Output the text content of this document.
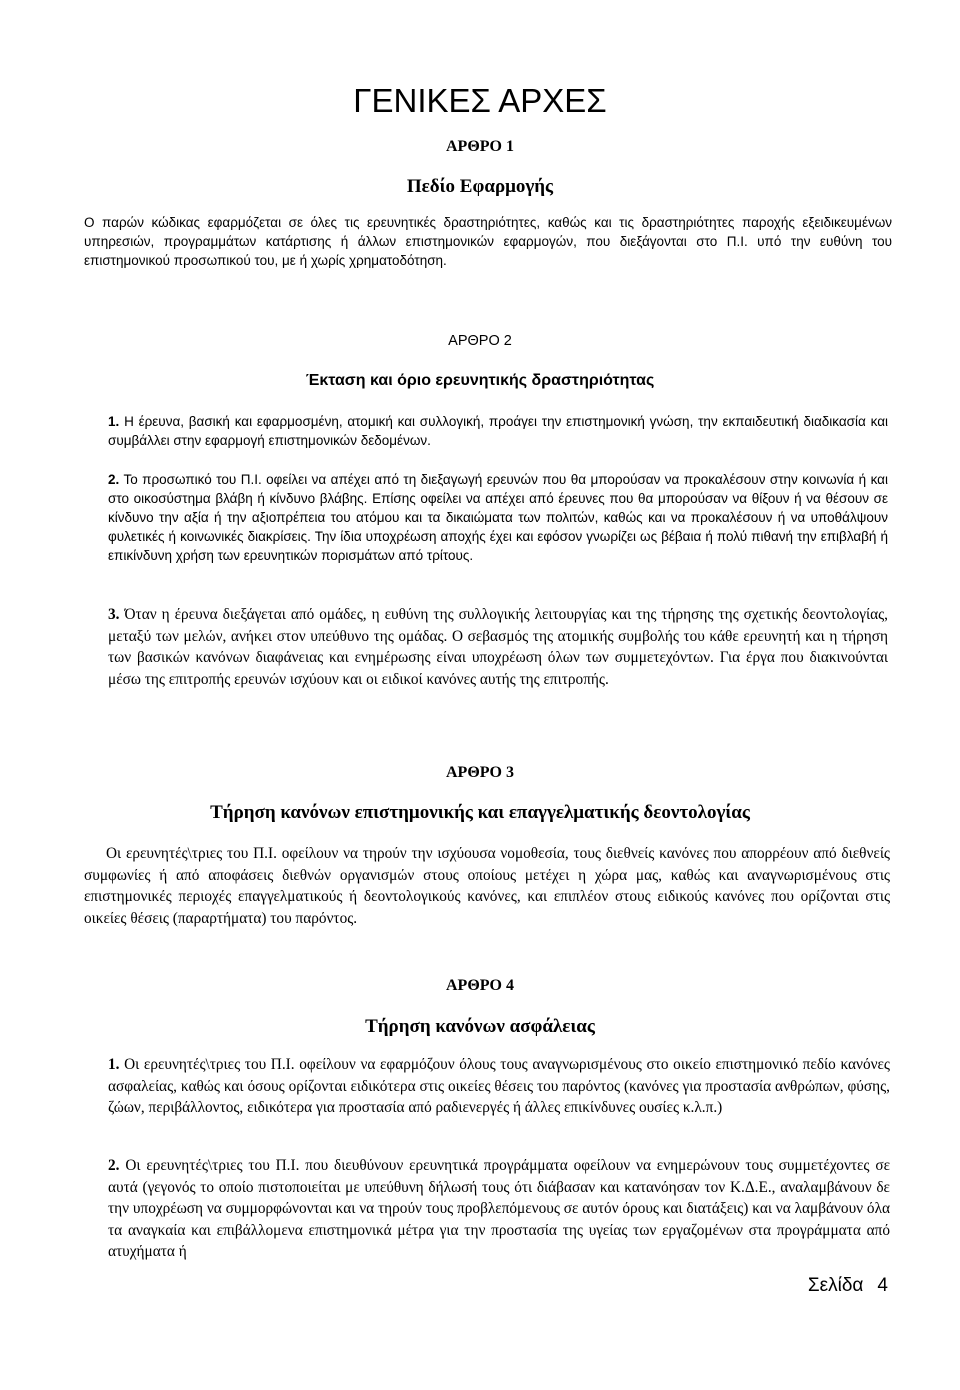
ΓΕΝΙΚΕΣ ΑΡΧΕΣ
ΑΡΘΡΟ 1
Πεδίο Εφαρμογής

Ο παρών κώδικας εφαρμόζεται σε όλες τις ερευνητικές δραστηριότητες, καθώς και τις δραστηριότητες παροχής εξειδικευμένων υπηρεσιών, προγραμμάτων κατάρτισης ή άλλων επιστημονικών εφαρμογών, που διεξάγονται στο Π.Ι. υπό την ευθύνη του επιστημονικού προσωπικού του, με ή χωρίς χρηματοδότηση.

ΑΡΘΡΟ 2
Έκταση και όριο ερευνητικής δραστηριότητας

1. Η έρευνα, βασική και εφαρμοσμένη, ατομική και συλλογική, προάγει την επιστημονική γνώση, την εκπαιδευτική διαδικασία και συμβάλλει στην εφαρμογή επιστημονικών δεδομένων.

2. Το προσωπικό του Π.Ι. οφείλει να απέχει από τη διεξαγωγή ερευνών που θα μπορούσαν να προκαλέσουν στην κοινωνία ή και στο οικοσύστημα βλάβη ή κίνδυνο βλάβης. Επίσης οφείλει να απέχει από έρευνες που θα μπορούσαν να θίξουν ή να θέσουν σε κίνδυνο την αξία ή την αξιοπρέπεια του ατόμου και τα δικαιώματα των πολιτών, καθώς και να προκαλέσουν ή να υποθάλψουν φυλετικές ή κοινωνικές διακρίσεις. Την ίδια υποχρέωση αποχής έχει και εφόσον γνωρίζει ως βέβαια ή πολύ πιθανή την επιβλαβή ή επικίνδυνη χρήση των ερευνητικών πορισμάτων από τρίτους.

3. Όταν η έρευνα διεξάγεται από ομάδες, η ευθύνη της συλλογικής λειτουργίας και της τήρησης της σχετικής δεοντολογίας, μεταξύ των μελών, ανήκει στον υπεύθυνο της ομάδας. Ο σεβασμός της ατομικής συμβολής του κάθε ερευνητή και η τήρηση των βασικών κανόνων διαφάνειας και ενημέρωσης είναι υποχρέωση όλων των συμμετεχόντων. Για έργα που διακινούνται μέσω της επιτροπής ερευνών ισχύουν και οι ειδικοί κανόνες αυτής της επιτροπής.

ΑΡΘΡΟ 3
Τήρηση κανόνων επιστημονικής και επαγγελματικής δεοντολογίας

Οι ερευνητές\τριες του Π.Ι. οφείλουν να τηρούν την ισχύουσα νομοθεσία, τους διεθνείς κανόνες που απορρέουν από διεθνείς συμφωνίες ή από αποφάσεις διεθνών οργανισμών στους οποίους μετέχει η χώρα μας, καθώς και αναγνωρισμένους στις επιστημονικές περιοχές επαγγελματικούς ή δεοντολογικούς κανόνες, και επιπλέον στους ειδικούς κανόνες που ορίζονται στις οικείες θέσεις (παραρτήματα) του παρόντος.

ΑΡΘΡΟ 4
Τήρηση κανόνων ασφάλειας

1. Οι ερευνητές\τριες του Π.Ι. οφείλουν να εφαρμόζουν όλους τους αναγνωρισμένους στο οικείο επιστημονικό πεδίο κανόνες ασφαλείας, καθώς και όσους ορίζονται ειδικότερα στις οικείες θέσεις του παρόντος (κανόνες για προστασία ανθρώπων, φύσης, ζώων, περιβάλλοντος, ειδικότερα για προστασία από ραδιενεργές ή άλλες επικίνδυνες ουσίες κ.λ.π.)

2. Οι ερευνητές\τριες του Π.Ι. που διευθύνουν ερευνητικά προγράμματα οφείλουν να ενημερώνουν τους συμμετέχοντες σε αυτά (γεγονός το οποίο πιστοποιείται με υπεύθυνη δήλωσή τους ότι διάβασαν και κατανόησαν τον Κ.Δ.Ε., αναλαμβάνουν δε την υποχρέωση να συμμορφώνονται και να τηρούν τους προβλεπόμενους σε αυτόν όρους και διατάξεις) και να λαμβάνουν όλα τα αναγκαία και επιβάλλομενα επιστημονικά μέτρα για την προστασία της υγείας των εργαζομένων στα προγράμματα από ατυχήματα ή

Σελίδα 4
